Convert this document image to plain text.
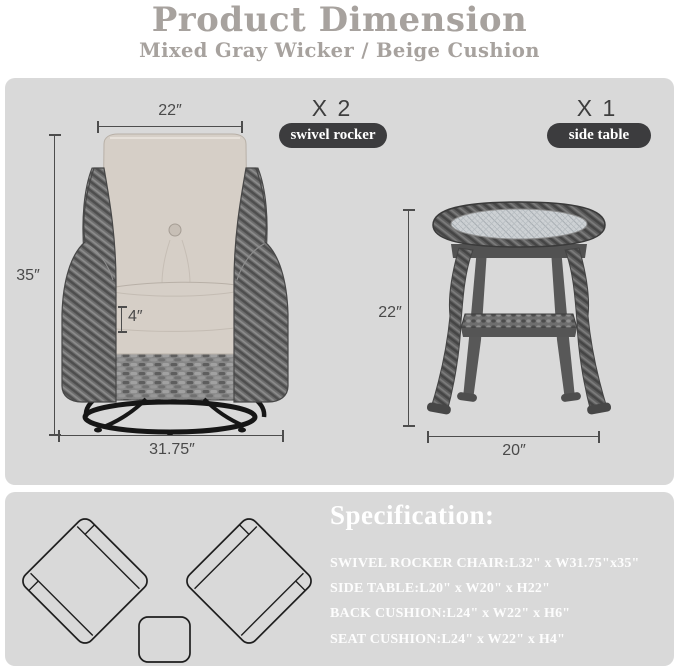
Product Dimension
Mixed Gray Wicker / Beige Cushion
22″
35″
4″
31.75″
X 2
swivel rocker
X 1
side table
22″
20″
Specification:
SWIVEL ROCKER CHAIR:L32" x W31.75"x35"
SIDE TABLE:L20" x W20" x H22"
BACK CUSHION:L24" x W22" x H6"
SEAT CUSHION:L24" x W22" x H4"
